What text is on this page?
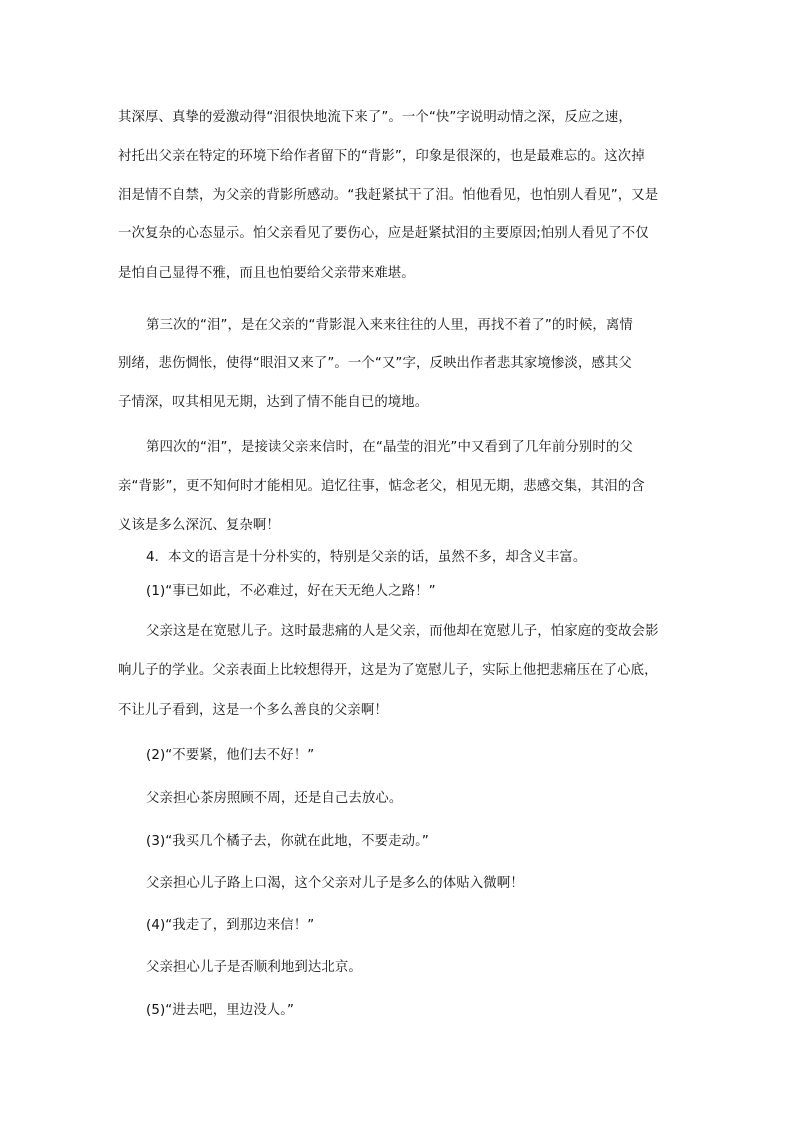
其深厚、真挚的爱激动得“泪很快地流下来了”。一个“快”字说明动情之深，反应之速，
衬托出父亲在特定的环境下给作者留下的“背影”，印象是很深的，也是最难忘的。这次掉
泪是情不自禁，为父亲的背影所感动。“我赶紧拭干了泪。怕他看见，也怕别人看见”，又是
一次复杂的心态显示。怕父亲看见了要伤心，应是赶紧拭泪的主要原因;怕别人看见了不仅
是怕自己显得不雅，而且也怕要给父亲带来难堪。
第三次的“泪”，是在父亲的“背影混入来来往往的人里，再找不着了”的时候，离情
别绪，悲伤惆怅，使得“眼泪又来了”。一个“又”字，反映出作者悲其家境惨淡，感其父
子情深，叹其相见无期，达到了情不能自已的境地。
第四次的“泪”，是接读父亲来信时，在“晶莹的泪光”中又看到了几年前分别时的父
亲“背影”，更不知何时才能相见。追忆往事，惦念老父，相见无期，悲感交集，其泪的含
义该是多么深沉、复杂啊！
4．本文的语言是十分朴实的，特别是父亲的话，虽然不多，却含义丰富。
(1)“事已如此，不必难过，好在天无绝人之路！”
父亲这是在宽慰儿子。这时最悲痛的人是父亲，而他却在宽慰儿子，怕家庭的变故会影
响儿子的学业。父亲表面上比较想得开，这是为了宽慰儿子，实际上他把悲痛压在了心底，
不让儿子看到，这是一个多么善良的父亲啊！
(2)“不要紧，他们去不好！”
父亲担心茶房照顾不周，还是自己去放心。
(3)“我买几个橘子去，你就在此地，不要走动。”
父亲担心儿子路上口渴，这个父亲对儿子是多么的体贴入微啊！
(4)“我走了，到那边来信！”
父亲担心儿子是否顺利地到达北京。
(5)“进去吧，里边没人。”
